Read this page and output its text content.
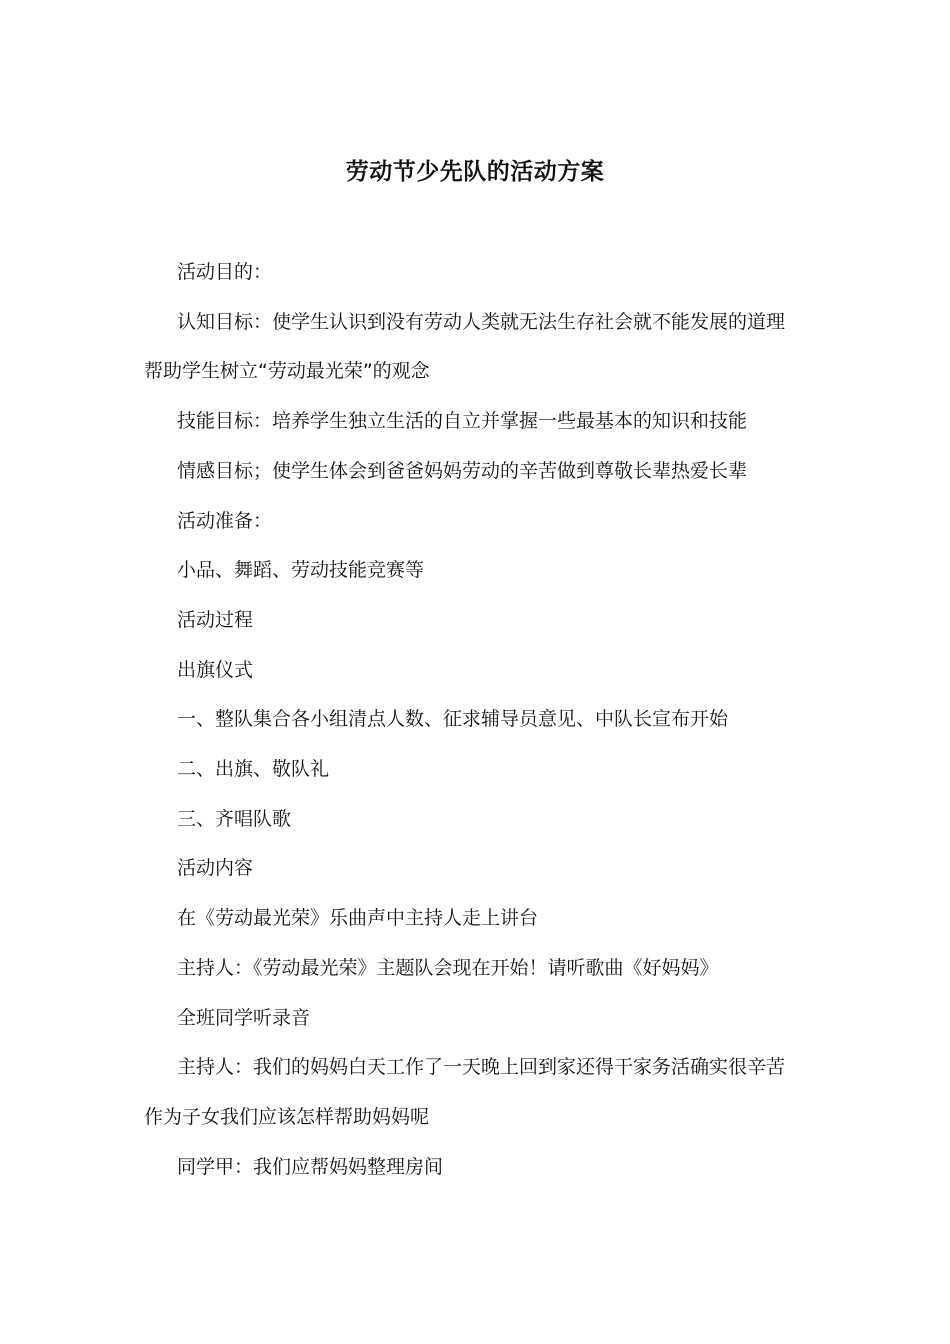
劳动节少先队的活动方案

活动目的：

认知目标：使学生认识到没有劳动人类就无法生存社会就不能发展的道理帮助学生树立“劳动最光荣”的观念

技能目标：培养学生独立生活的自立并掌握一些最基本的知识和技能

情感目标；使学生体会到爸爸妈妈劳动的辛苦做到尊敬长辈热爱长辈

活动准备：

小品、舞蹈、劳动技能竞赛等

活动过程

出旗仪式

一、整队集合各小组清点人数、征求辅导员意见、中队长宣布开始

二、出旗、敬队礼

三、齐唱队歌

活动内容

在《劳动最光荣》乐曲声中主持人走上讲台

主持人：《劳动最光荣》主题队会现在开始！请听歌曲《好妈妈》

全班同学听录音

主持人：我们的妈妈白天工作了一天晚上回到家还得干家务活确实很辛苦作为子女我们应该怎样帮助妈妈呢

同学甲：我们应帮妈妈整理房间
